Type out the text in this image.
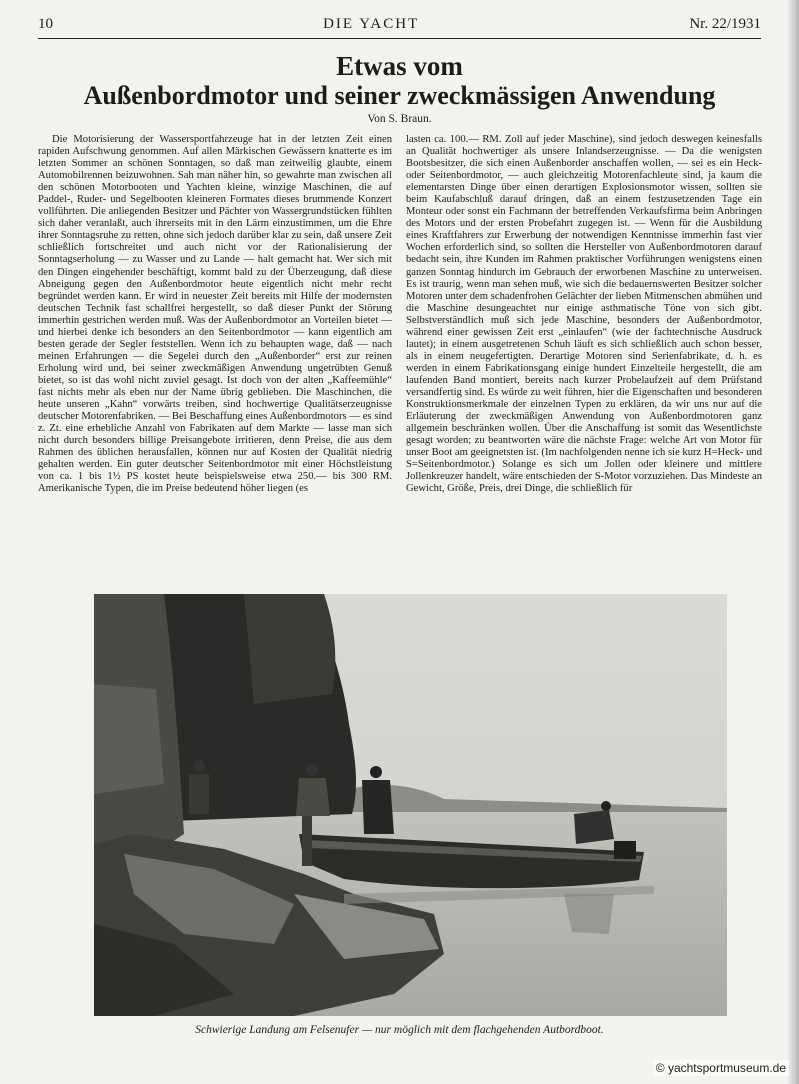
10	DIE YACHT	Nr. 22/1931
Etwas vom
Außenbordmotor und seiner zweckmässigen Anwendung
Von S. Braun.

Die Motorisierung der Wassersportfahrzeuge hat in der letzten Zeit einen rapiden Aufschwung genommen. Auf allen Märkischen Gewässern knatterte es im letzten Sommer an schönen Sonntagen, so daß man zeitweilig glaubte, einem Automobilrennen beizuwohnen. Sah man näher hin, so gewahrte man zwischen all den schönen Motorbooten und Yachten kleine, winzige Maschinen, die auf Paddel-, Ruder- und Segelbooten kleineren Formates dieses brummende Konzert vollführten. Die anliegenden Besitzer und Pächter von Wassergrundstücken fühlten sich daher veranlaßt, auch ihrerseits mit in den Lärm einzustimmen, um die Ehre ihrer Sonntagsruhe zu retten, ohne sich jedoch darüber klar zu sein, daß unsere Zeit schließlich fortschreitet und auch nicht vor der Rationalisierung der Sonntagserholung — zu Wasser und zu Lande — halt gemacht hat. Wer sich mit den Dingen eingehender beschäftigt, kommt bald zu der Überzeugung, daß diese Abneigung gegen den Außenbordmotor heute eigentlich nicht mehr recht begründet werden kann. Er wird in neuester Zeit bereits mit Hilfe der modernsten deutschen Technik fast schallfrei hergestellt, so daß dieser Punkt der Störung immerhin gestrichen werden muß. Was der Außenbordmotor an Vorteilen bietet — und hierbei denke ich besonders an den Seitenbordmotor — kann eigentlich am besten gerade der Segler feststellen. Wenn ich zu behaupten wage, daß — nach meinen Erfahrungen — die Segelei durch den „Außenborder“ erst zur reinen Erholung wird und, bei seiner zweckmäßigen Anwendung ungetrübten Genuß bietet, so ist das wohl nicht zuviel gesagt. Ist doch von der alten „Kaffeemühle“ fast nichts mehr als eben nur der Name übrig geblieben. Die Maschinchen, die heute unseren „Kahn“ vorwärts treiben, sind hochwertige Qualitätserzeugnisse deutscher Motorenfabriken. — Bei Beschaffung eines Außenbordmotors — es sind z. Zt. eine erhebliche Anzahl von Fabrikaten auf dem Markte — lasse man sich nicht durch besonders billige Preisangebote irritieren, denn Preise, die aus dem Rahmen des üblichen herausfallen, können nur auf Kosten der Qualität niedrig gehalten werden. Ein guter deutscher Seitenbordmotor mit einer Höchstleistung von ca. 1 bis 1½ PS kostet heute beispielsweise etwa 250.— bis 300 RM. Amerikanische Typen, die im Preise bedeutend höher liegen (es

lasten ca. 100.— RM. Zoll auf jeder Maschine), sind jedoch deswegen keinesfalls an Qualität hochwertiger als unsere Inlandserzeugnisse. — Da die wenigsten Bootsbesitzer, die sich einen Außenborder anschaffen wollen, — sei es ein Heck- oder Seitenbordmotor, — auch gleichzeitig Motorenfachleute sind, ja kaum die elementarsten Dinge über einen derartigen Explosionsmotor wissen, sollten sie beim Kaufabschluß darauf dringen, daß an einem festzusetzenden Tage ein Monteur oder sonst ein Fachmann der betreffenden Verkaufsfirma beim Anbringen des Motors und der ersten Probefahrt zugegen ist. — Wenn für die Ausbildung eines Kraftfahrers zur Erwerbung der notwendigen Kenntnisse immerhin fast vier Wochen erforderlich sind, so sollten die Hersteller von Außenbordmotoren darauf bedacht sein, ihre Kunden im Rahmen praktischer Vorführungen wenigstens einen ganzen Sonntag hindurch im Gebrauch der erworbenen Maschine zu unterweisen. Es ist traurig, wenn man sehen muß, wie sich die bedauernswerten Besitzer solcher Motoren unter dem schadenfrohen Gelächter der lieben Mitmenschen abmühen und die Maschine desungeachtet nur einige asthmatische Töne von sich gibt. Selbstverständlich muß sich jede Maschine, besonders der Außenbordmotor, während einer gewissen Zeit erst „einlaufen“ (wie der fachtechnische Ausdruck lautet); in einem ausgetretenen Schuh läuft es sich schließlich auch schon besser, als in einem neugefertigten. Derartige Motoren sind Serienfabrikate, d. h. es werden in einem Fabrikationsgang einige hundert Einzelteile hergestellt, die am laufenden Band montiert, bereits nach kurzer Probelaufzeit auf dem Prüfstand versandfertig sind. Es würde zu weit führen, hier die Eigenschaften und besonderen Konstruktionsmerkmale der einzelnen Typen zu erklären, da wir uns nur auf die Erläuterung der zweckmäßigen Anwendung von Außenbordmotoren ganz allgemein beschränken wollen. Über die Anschaffung ist somit das Wesentlichste gesagt worden; zu beantworten wäre die nächste Frage: welche Art von Motor für unser Boot am geeignetsten ist. (Im nachfolgenden nenne ich sie kurz H=Heck- und S=Seitenbordmotor.) Solange es sich um Jollen oder kleinere und mittlere Jollenkreuzer handelt, wäre entschieden der S-Motor vorzuziehen. Das Mindeste an Gewicht, Größe, Preis, drei Dinge, die schließlich für

Schwierige Landung am Felsenufer — nur möglich mit dem flachgehenden Autbordboot.
© yachtsportmuseum.de
